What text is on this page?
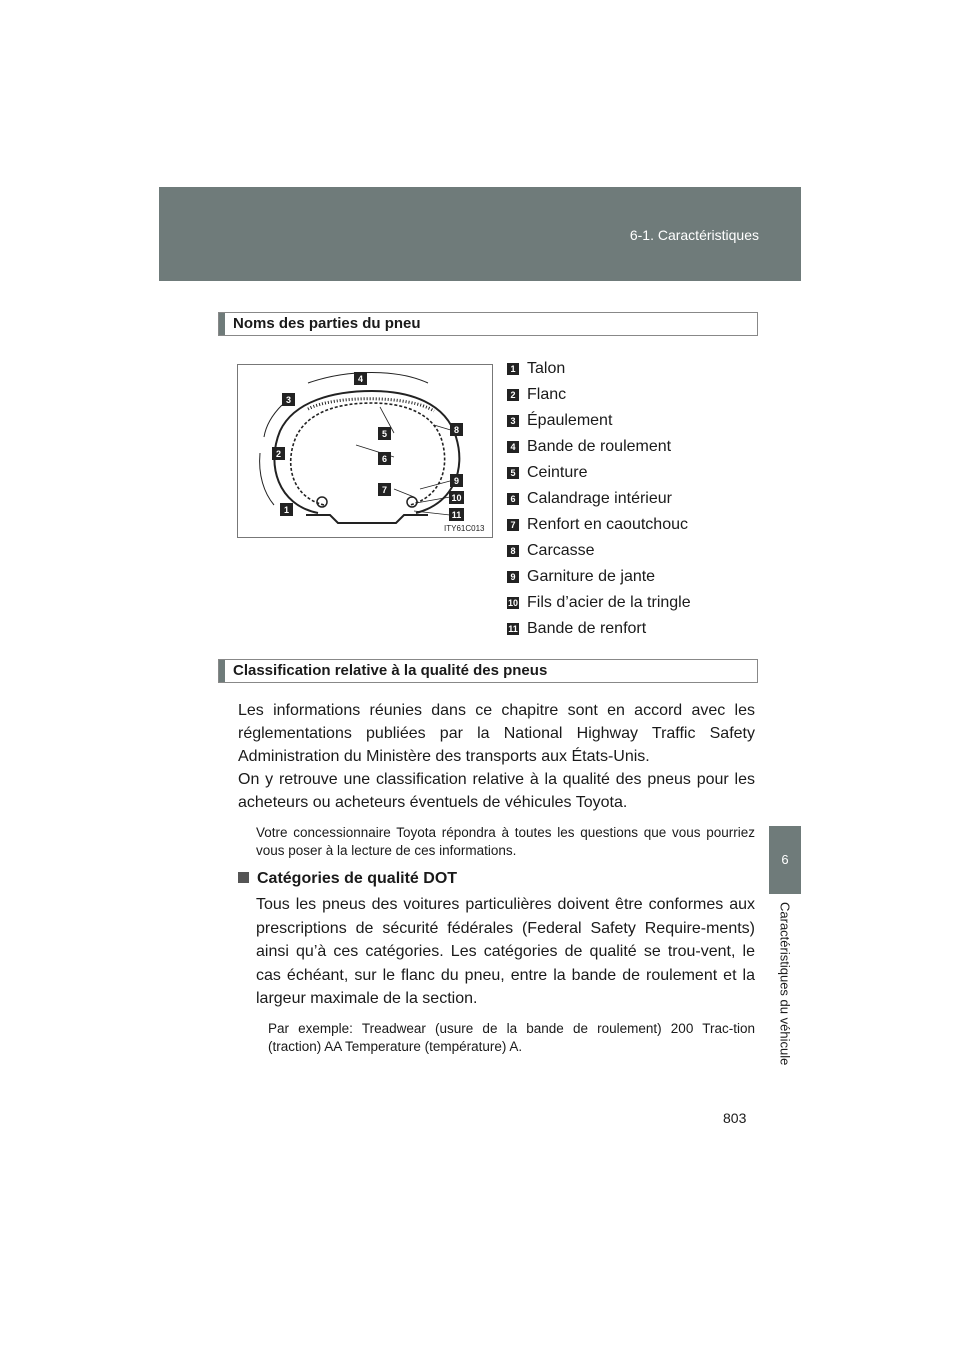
6-1. Caractéristiques
6
Caractéristiques du véhicule
Noms des parties du pneu
1
2
3
4
5
6
7
8
9
10
11
ITY61C013
1 Talon
2 Flanc
3 Épaulement
4 Bande de roulement
5 Ceinture
6 Calandrage intérieur
7 Renfort en caoutchouc
8 Carcasse
9 Garniture de jante
10 Fils d’acier de la tringle
11 Bande de renfort
Classification relative à la qualité des pneus

Les informations réunies dans ce chapitre sont en accord avec les réglementations publiées par la National Highway Traffic Safety Administration du Ministère des transports aux États-Unis.

On y retrouve une classification relative à la qualité des pneus pour les acheteurs ou acheteurs éventuels de véhicules Toyota.

Votre concessionnaire Toyota répondra à toutes les questions que vous pourriez vous poser à la lecture de ces informations.

Catégories de qualité DOT

Tous les pneus des voitures particulières doivent être conformes aux prescriptions de sécurité fédérales (Federal Safety Require-ments) ainsi qu’à ces catégories. Les catégories de qualité se trou-vent, le cas échéant, sur le flanc du pneu, entre la bande de roulement et la largeur maximale de la section.

Par exemple: Treadwear (usure de la bande de roulement) 200 Trac-tion (traction) AA Temperature (température) A.

803
